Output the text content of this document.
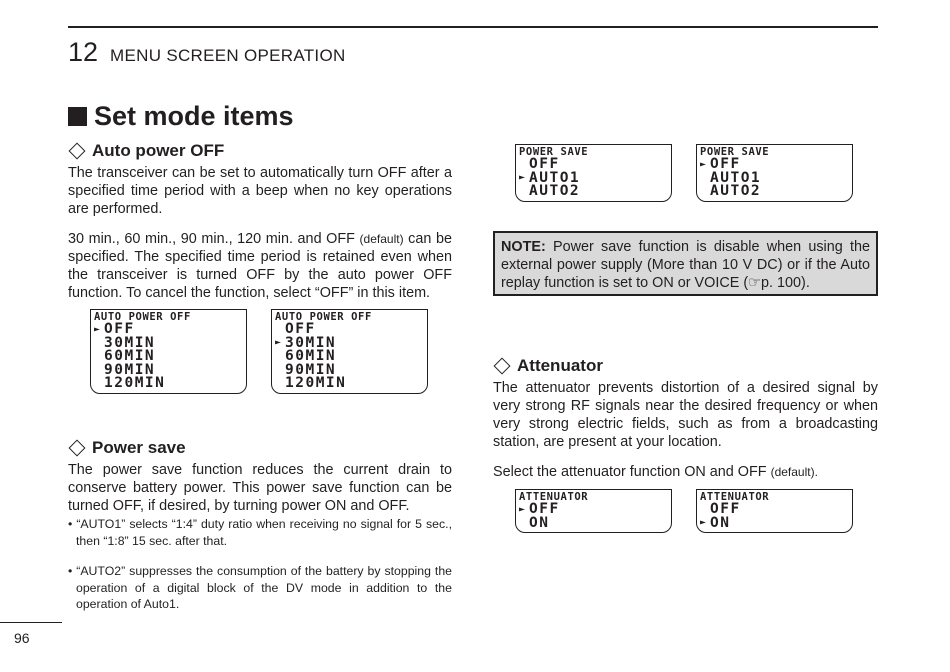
12 MENU SCREEN OPERATION
Set mode items
Auto power OFF

The transceiver can be set to automatically turn OFF after a specified time period with a beep when no key operations are performed.

30 min., 60 min., 90 min., 120 min. and OFF (default) can be specified. The specified time period is retained even when the transceiver is turned OFF by the auto power OFF function. To cancel the function, select “OFF” in this item.

AUTO POWER OFF
► OFF
30MIN
60MIN
90MIN
120MIN
AUTO POWER OFF
OFF
► 30MIN
60MIN
90MIN
120MIN
Power save

The power save function reduces the current drain to conserve battery power. This power save function can be turned OFF, if desired, by turning power ON and OFF.

• “AUTO1” selects “1:4” duty ratio when receiving no signal for 5 sec., then “1:8” 15 sec. after that.

• “AUTO2” suppresses the consumption of the battery by stopping the operation of a digital block of the DV mode in addition to the operation of Auto1.

POWER SAVE
OFF
► AUTO1
AUTO2
POWER SAVE
► OFF
AUTO1
AUTO2
NOTE: Power save function is disable when using the external power supply (More than 10 V DC) or if the Auto replay function is set to ON or VOICE (☞p. 100).
Attenuator

The attenuator prevents distortion of a desired signal by very strong RF signals near the desired frequency or when very strong electric fields, such as from a broadcasting station, are present at your location.

Select the attenuator function ON and OFF (default).

ATTENUATOR
► OFF
ON
ATTENUATOR
OFF
► ON
96
